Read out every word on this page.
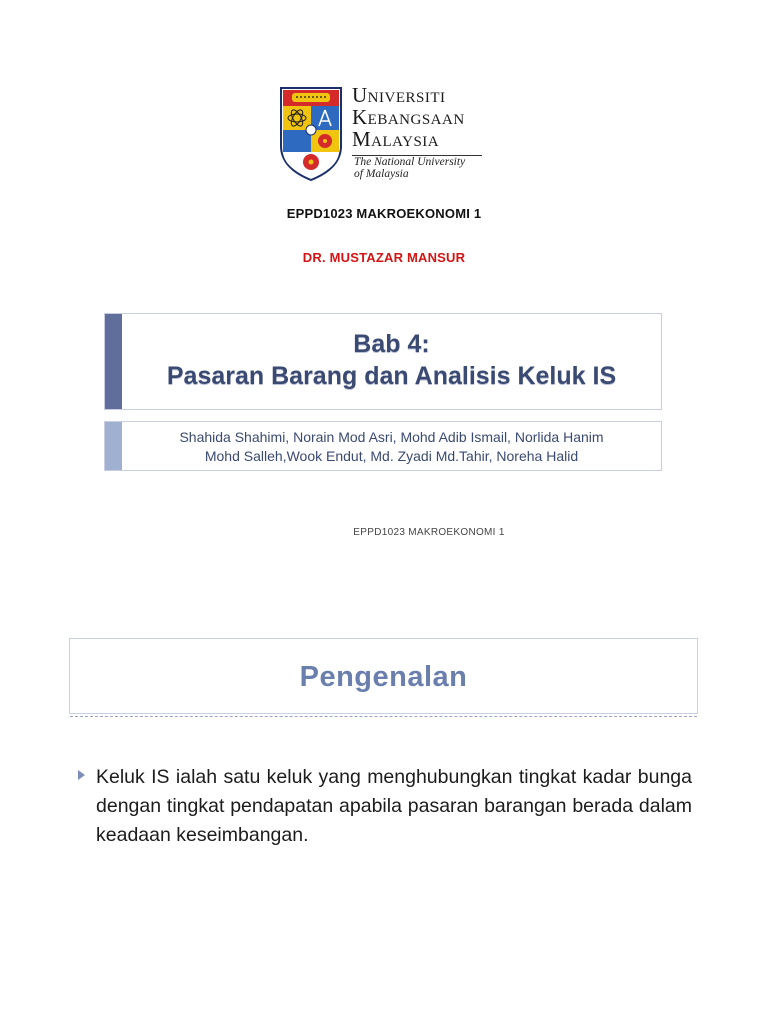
Universiti
Kebangsaan
Malaysia
The National University
of Malaysia
EPPD1023 MAKROEKONOMI 1
DR. MUSTAZAR MANSUR
Bab 4:
Pasaran Barang dan Analisis Keluk IS
Shahida Shahimi, Norain Mod Asri, Mohd Adib Ismail, Norlida Hanim
Mohd Salleh,Wook Endut, Md. Zyadi Md.Tahir, Noreha Halid
EPPD1023 MAKROEKONOMI 1
Pengenalan
Keluk IS ialah satu keluk yang menghubungkan tingkat kadar bunga dengan tingkat pendapatan apabila pasaran barangan berada dalam keadaan keseimbangan.
